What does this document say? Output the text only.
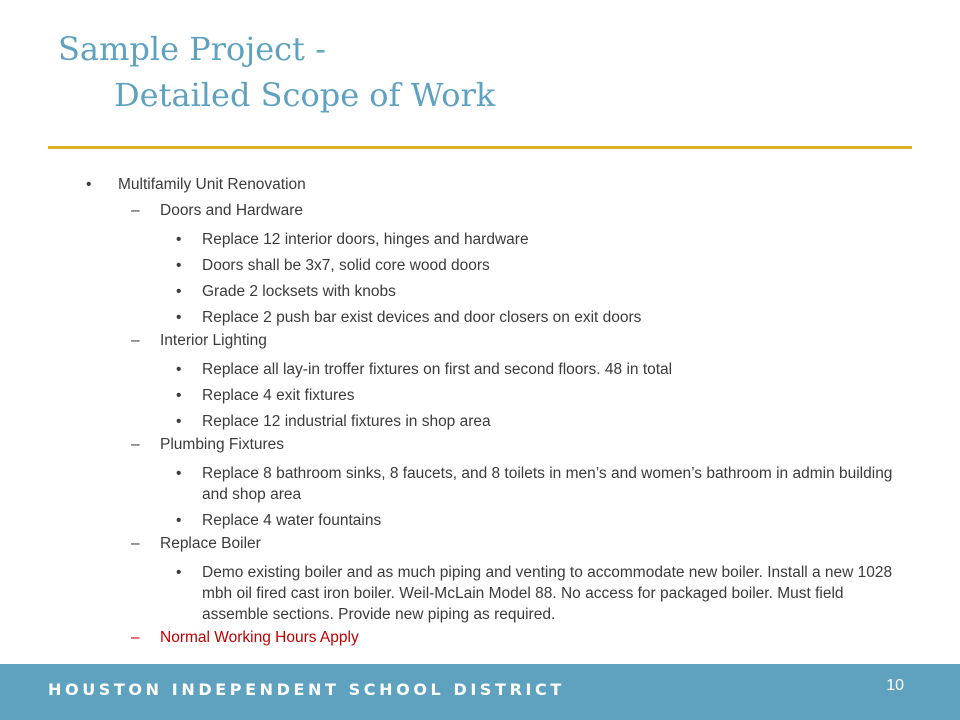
Sample Project -
Detailed Scope of Work
• Multifamily Unit Renovation
– Doors and Hardware
• Replace 12 interior doors, hinges and hardware
• Doors shall be 3x7, solid core wood doors
• Grade 2 locksets with knobs
• Replace 2 push bar exist devices and door closers on exit doors
– Interior Lighting
• Replace all lay-in troffer fixtures on first and second floors. 48 in total
• Replace 4 exit fixtures
• Replace 12 industrial fixtures in shop area
– Plumbing Fixtures
• Replace 8 bathroom sinks, 8 faucets, and 8 toilets in men’s and women’s bathroom in admin building and shop area
• Replace 4 water fountains
– Replace Boiler
• Demo existing boiler and as much piping and venting to accommodate new boiler. Install a new 1028 mbh oil fired cast iron boiler. Weil-McLain Model 88. No access for packaged boiler. Must field assemble sections. Provide new piping as required.
– Normal Working Hours Apply
HOUSTON INDEPENDENT SCHOOL DISTRICT	10
